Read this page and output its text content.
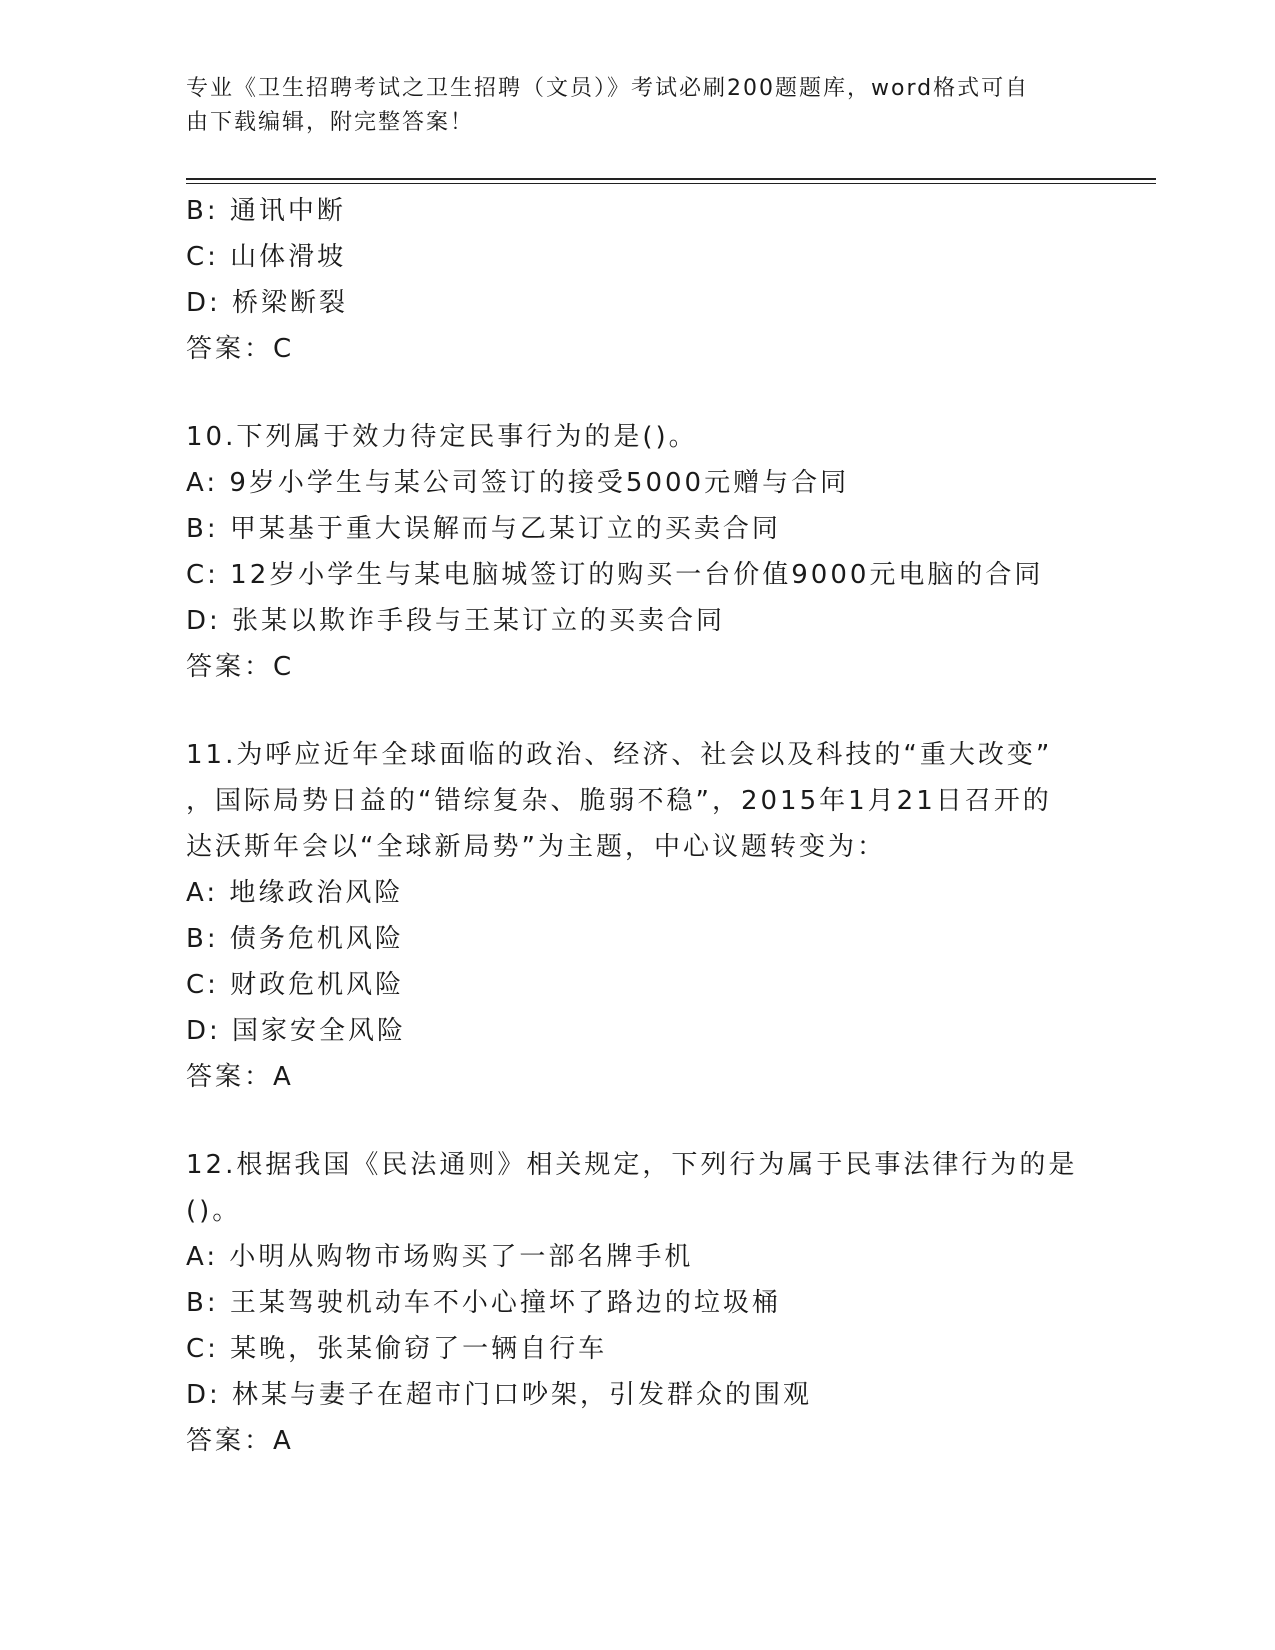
专业《卫生招聘考试之卫生招聘（文员）》考试必刷200题题库，word格式可自
由下载编辑，附完整答案！
B: 通讯中断
C: 山体滑坡
D: 桥梁断裂
答案：C
10.下列属于效力待定民事行为的是()。
A: 9岁小学生与某公司签订的接受5000元赠与合同
B: 甲某基于重大误解而与乙某订立的买卖合同
C: 12岁小学生与某电脑城签订的购买一台价值9000元电脑的合同
D: 张某以欺诈手段与王某订立的买卖合同
答案：C
11.为呼应近年全球面临的政治、经济、社会以及科技的“重大改变”
，国际局势日益的“错综复杂、脆弱不稳”，2015年1月21日召开的
达沃斯年会以“全球新局势”为主题，中心议题转变为：
A: 地缘政治风险
B: 债务危机风险
C: 财政危机风险
D: 国家安全风险
答案：A
12.根据我国《民法通则》相关规定，下列行为属于民事法律行为的是
()。
A: 小明从购物市场购买了一部名牌手机
B: 王某驾驶机动车不小心撞坏了路边的垃圾桶
C: 某晚，张某偷窃了一辆自行车
D: 林某与妻子在超市门口吵架，引发群众的围观
答案：A
